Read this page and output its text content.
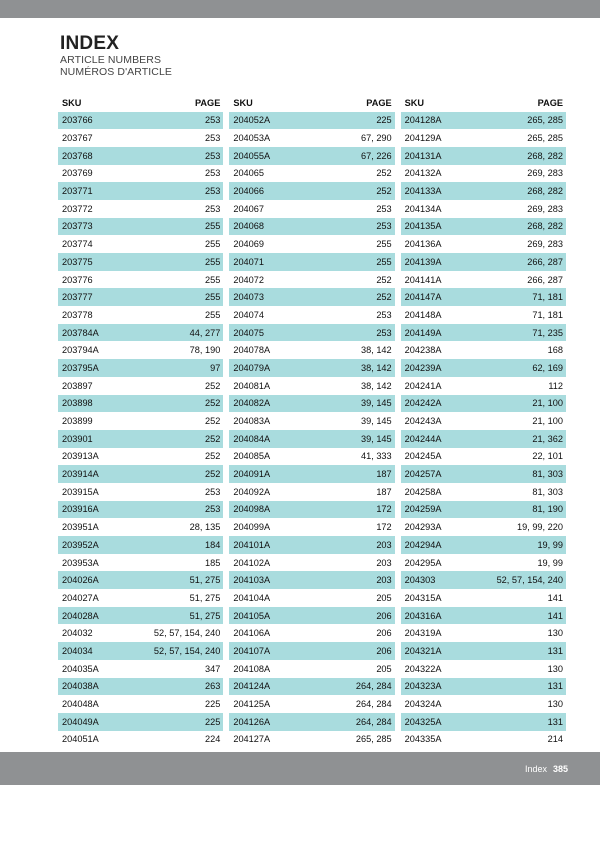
INDEX
ARTICLE NUMBERS
NUMÉROS D'ARTICLE
SKU	PAGE
203766	253
203767	253
203768	253
203769	253
203771	253
203772	253
203773	255
203774	255
203775	255
203776	255
203777	255
203778	255
203784A	44, 277
203794A	78, 190
203795A	97
203897	252
203898	252
203899	252
203901	252
203913A	252
203914A	252
203915A	253
203916A	253
203951A	28, 135
203952A	184
203953A	185
204026A	51, 275
204027A	51, 275
204028A	51, 275
204032	52, 57, 154, 240
204034	52, 57, 154, 240
204035A	347
204038A	263
204048A	225
204049A	225
204051A	224
SKU	PAGE
204052A	225
204053A	67, 290
204055A	67, 226
204065	252
204066	252
204067	253
204068	253
204069	255
204071	255
204072	252
204073	252
204074	253
204075	253
204078A	38, 142
204079A	38, 142
204081A	38, 142
204082A	39, 145
204083A	39, 145
204084A	39, 145
204085A	41, 333
204091A	187
204092A	187
204098A	172
204099A	172
204101A	203
204102A	203
204103A	203
204104A	205
204105A	206
204106A	206
204107A	206
204108A	205
204124A	264, 284
204125A	264, 284
204126A	264, 284
204127A	265, 285
SKU	PAGE
204128A	265, 285
204129A	265, 285
204131A	268, 282
204132A	269, 283
204133A	268, 282
204134A	269, 283
204135A	268, 282
204136A	269, 283
204139A	266, 287
204141A	266, 287
204147A	71, 181
204148A	71, 181
204149A	71, 235
204238A	168
204239A	62, 169
204241A	112
204242A	21, 100
204243A	21, 100
204244A	21, 362
204245A	22, 101
204257A	81, 303
204258A	81, 303
204259A	81, 190
204293A	19, 99, 220
204294A	19, 99
204295A	19, 99
204303	52, 57, 154, 240
204315A	141
204316A	141
204319A	130
204321A	131
204322A	130
204323A	131
204324A	130
204325A	131
204335A	214
Index 385
